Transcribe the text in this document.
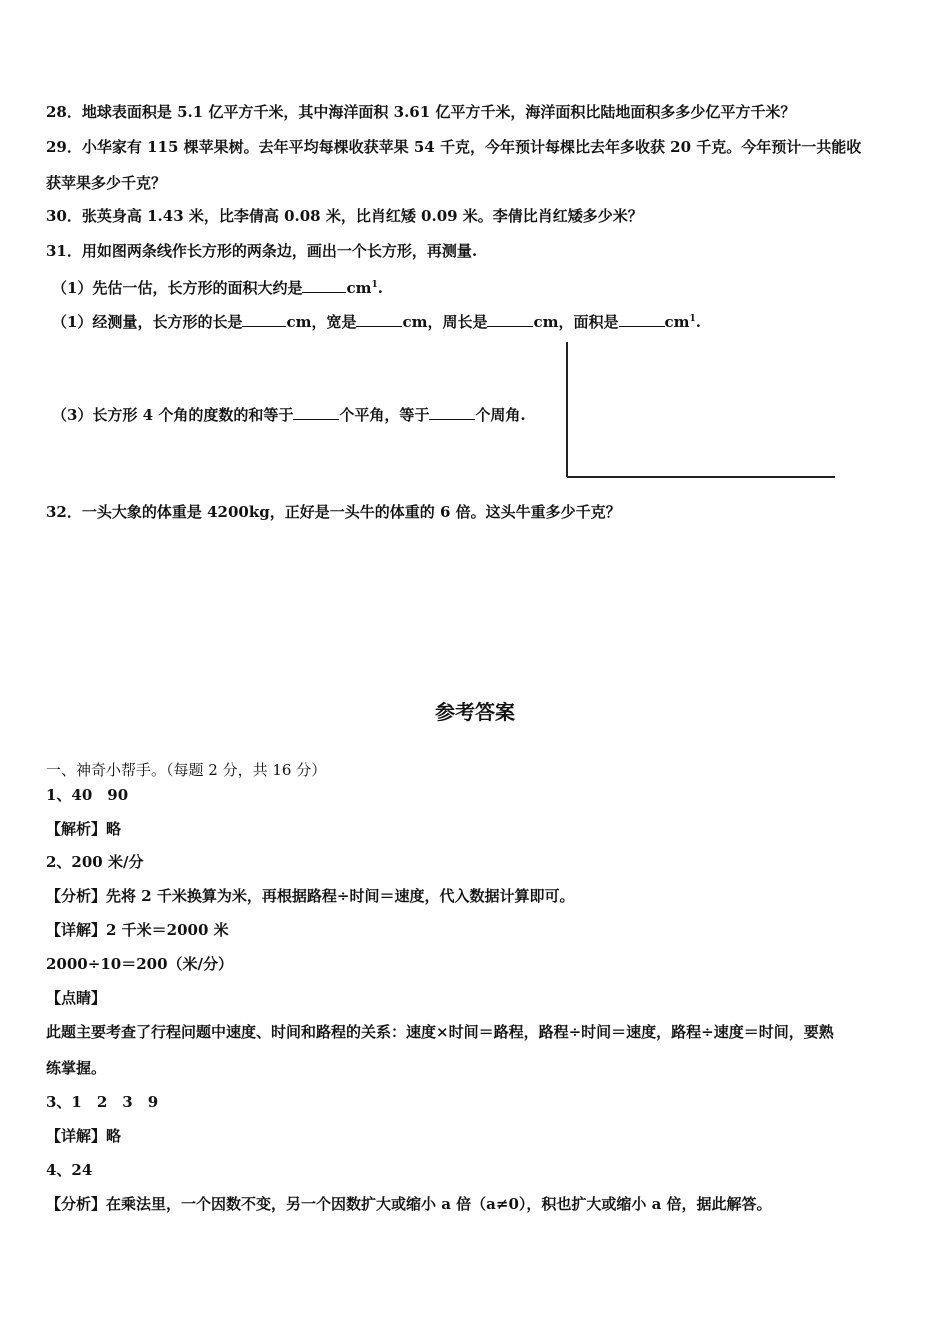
28．地球表面积是 5.1 亿平方千米，其中海洋面积 3.61 亿平方千米，海洋面积比陆地面积多多少亿平方千米？
29．小华家有 115 棵苹果树。去年平均每棵收获苹果 54 千克，今年预计每棵比去年多收获 20 千克。今年预计一共能收
获苹果多少千克？
30．张英身高 1.43 米，比李倩高 0.08 米，比肖红矮 0.09 米。李倩比肖红矮多少米？
31．用如图两条线作长方形的两条边，画出一个长方形，再测量.
（1）先估一估，长方形的面积大约是	$cm^1$.
（1）经测量，长方形的长是	cm，宽是	cm，周长是	cm，面积是	$cm^1$.
（3）长方形 4 个角的度数的和等于	个平角，等于	个周角.
32．一头大象的体重是 4200kg，正好是一头牛的体重的 6 倍。这头牛重多少千克？
参考答案
一、神奇小帮手。（每题 2 分，共 16 分）
1、40　90
【解析】略
2、200 米/分
【分析】先将 2 千米换算为米，再根据路程÷时间＝速度，代入数据计算即可。
【详解】2 千米＝2000 米
2000÷10＝200（米/分）
【点睛】
此题主要考查了行程问题中速度、时间和路程的关系：速度×时间＝路程，路程÷时间＝速度，路程÷速度＝时间，要熟
练掌握。
3、1　2　3　9
【详解】略
4、24
【分析】在乘法里，一个因数不变，另一个因数扩大或缩小 a 倍（a≠0），积也扩大或缩小 a 倍，据此解答。
